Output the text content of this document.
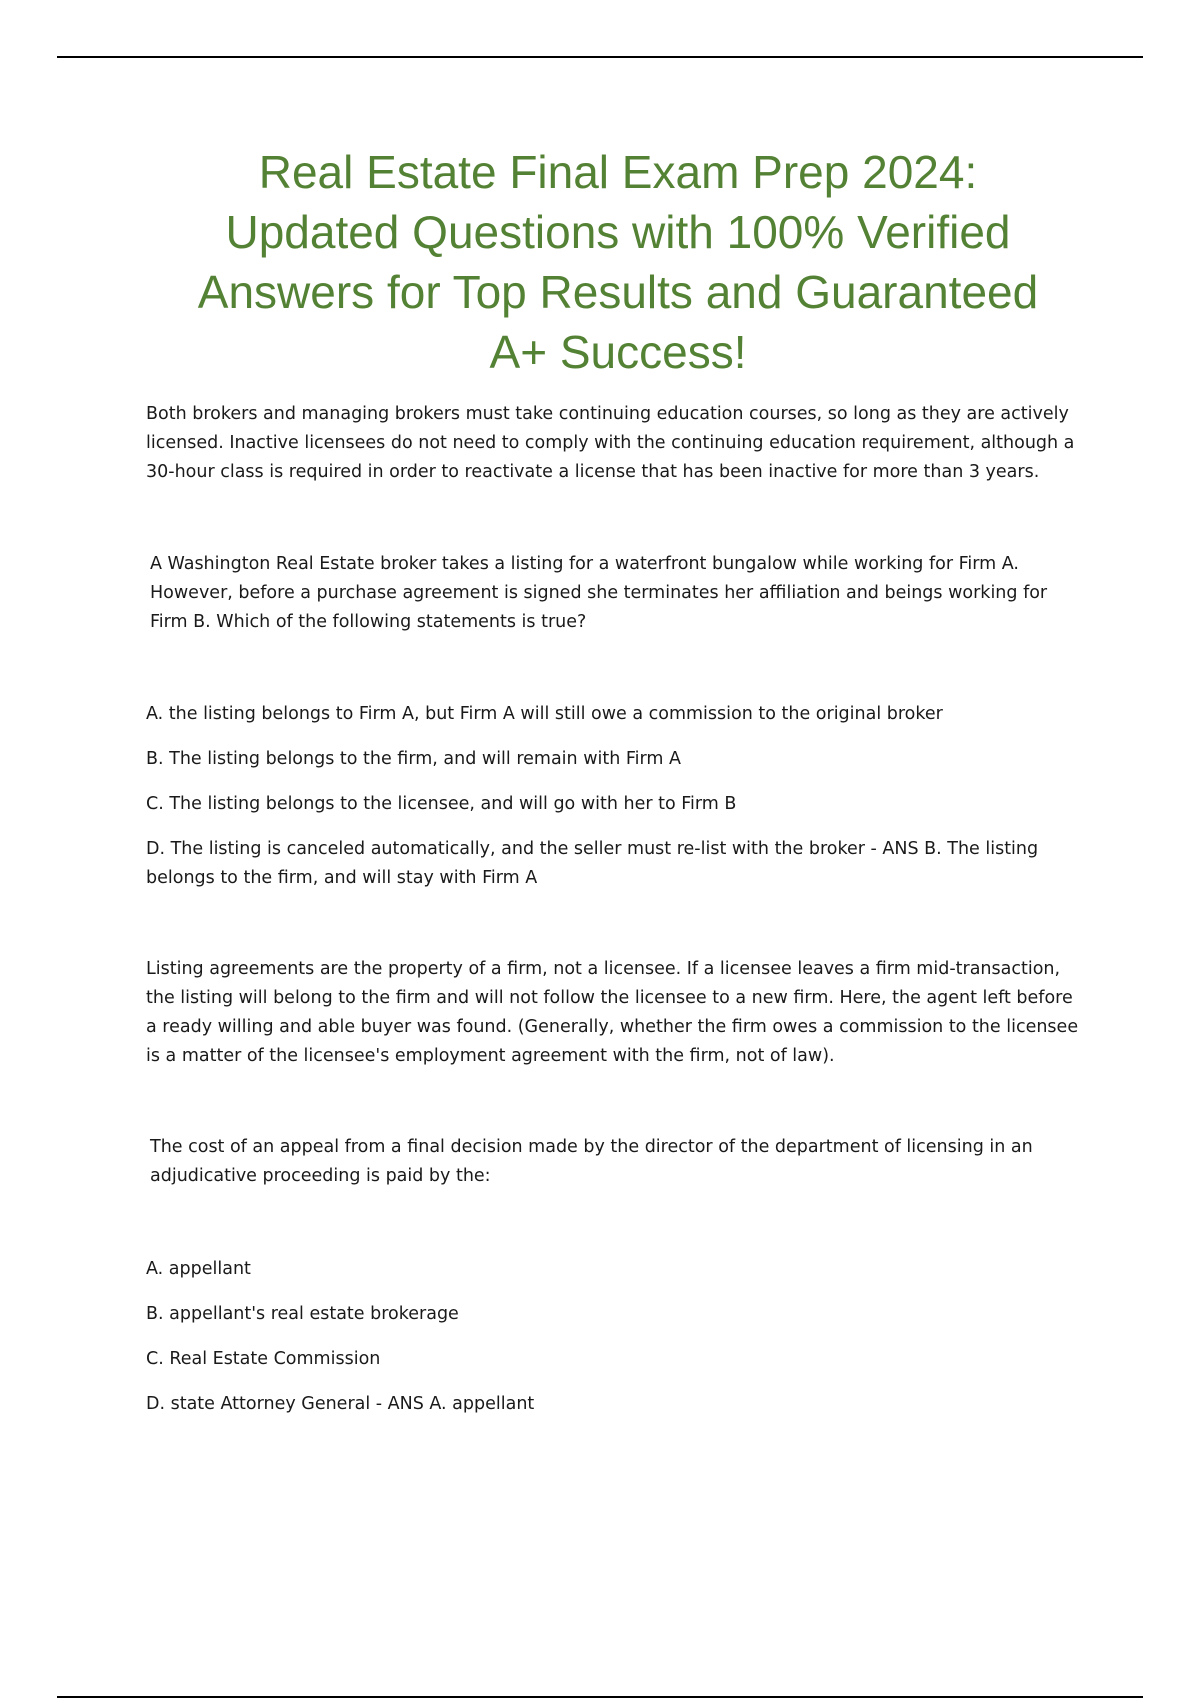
Real Estate Final Exam Prep 2024:
Updated Questions with 100% Verified
Answers for Top Results and Guaranteed
A+ Success!

Both brokers and managing brokers must take continuing education courses, so long as they are actively licensed. Inactive licensees do not need to comply with the continuing education requirement, although a 30-hour class is required in order to reactivate a license that has been inactive for more than 3 years.

A Washington Real Estate broker takes a listing for a waterfront bungalow while working for Firm A. However, before a purchase agreement is signed she terminates her affiliation and beings working for Firm B. Which of the following statements is true?

A. the listing belongs to Firm A, but Firm A will still owe a commission to the original broker

B. The listing belongs to the firm, and will remain with Firm A

C. The listing belongs to the licensee, and will go with her to Firm B

D. The listing is canceled automatically, and the seller must re-list with the broker - ANS B. The listing belongs to the firm, and will stay with Firm A

Listing agreements are the property of a firm, not a licensee. If a licensee leaves a firm mid-transaction, the listing will belong to the firm and will not follow the licensee to a new firm. Here, the agent left before a ready willing and able buyer was found. (Generally, whether the firm owes a commission to the licensee is a matter of the licensee's employment agreement with the firm, not of law).

The cost of an appeal from a final decision made by the director of the department of licensing in an adjudicative proceeding is paid by the:

A. appellant

B. appellant's real estate brokerage

C. Real Estate Commission

D. state Attorney General - ANS A. appellant
